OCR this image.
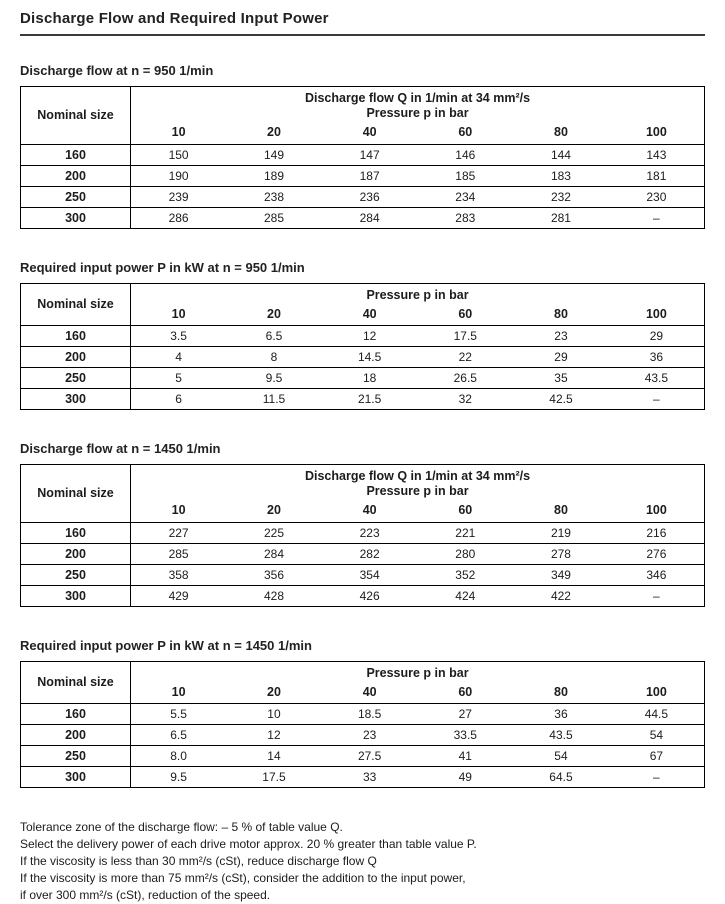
Discharge Flow and Required Input Power
Discharge flow at n = 950 1/min
Nominal size	Discharge flow Q in 1/min at 34 mm²/s
Pressure p in bar					

	10	20	40	60	80	100
160	150	149	147	146	144	143
200	190	189	187	185	183	181
250	239	238	236	234	232	230
300	286	285	284	283	281	–
Required input power P in kW at n = 950 1/min
Nominal size	Pressure p in bar					

	10	20	40	60	80	100
160	3.5	6.5	12	17.5	23	29
200	4	8	14.5	22	29	36
250	5	9.5	18	26.5	35	43.5
300	6	11.5	21.5	32	42.5	–
Discharge flow at n = 1450 1/min
Nominal size	Discharge flow Q in 1/min at 34 mm²/s
Pressure p in bar					

	10	20	40	60	80	100
160	227	225	223	221	219	216
200	285	284	282	280	278	276
250	358	356	354	352	349	346
300	429	428	426	424	422	–
Required input power P in kW at n = 1450 1/min
Nominal size	Pressure p in bar					

	10	20	40	60	80	100
160	5.5	10	18.5	27	36	44.5
200	6.5	12	23	33.5	43.5	54
250	8.0	14	27.5	41	54	67
300	9.5	17.5	33	49	64.5	–
Tolerance zone of the discharge flow: – 5 % of table value Q.
Select the delivery power of each drive motor approx. 20 % greater than table value P.
If the viscosity is less than 30 mm²/s (cSt), reduce discharge flow Q
If the viscosity is more than 75 mm²/s (cSt), consider the addition to the input power,
if over 300 mm²/s (cSt), reduction of the speed.
